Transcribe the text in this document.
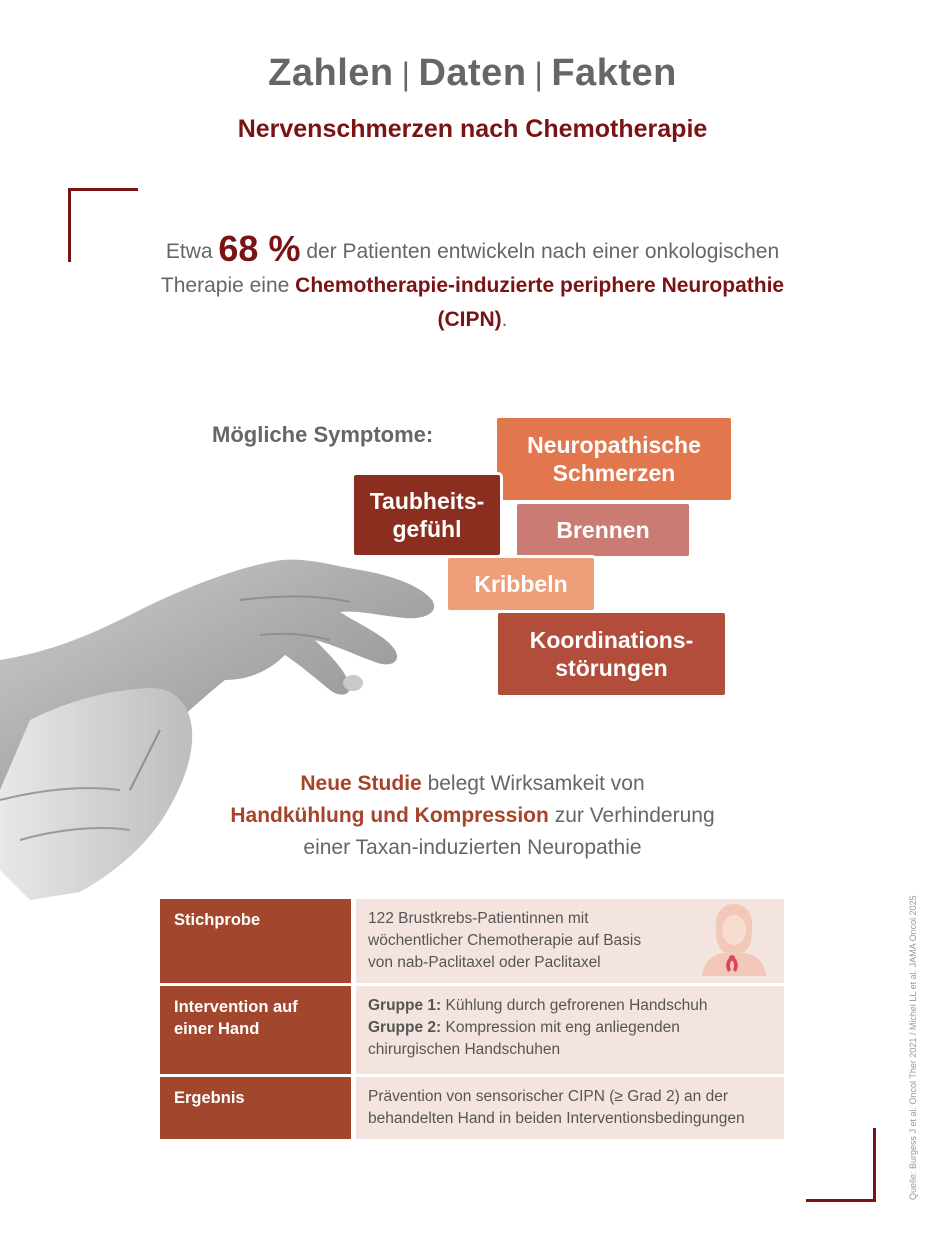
Zahlen | Daten | Fakten
Nervenschmerzen nach Chemotherapie
Etwa 68 % der Patienten entwickeln nach einer onkologischen Therapie eine Chemotherapie-induzierte periphere Neuropathie (CIPN).
Mögliche Symptome:	Neuropathische
Schmerzen
Taubheits-
gefühl	Brennen
Kribbeln
Koordinations-
störungen
Neue Studie belegt Wirksamkeit von
Handkühlung und Kompression zur Verhinderung
einer Taxan-induzierten Neuropathie
Stichprobe	122 Brustkrebs-Patientinnen mit
wöchentlicher Chemotherapie auf Basis
von nab-Paclitaxel oder Paclitaxel

Intervention auf einer Hand	Gruppe 1: Kühlung durch gefrorenen Handschuh
Gruppe 2: Kompression mit eng anliegenden
chirurgischen Handschuhen

Ergebnis	Prävention von sensorischer CIPN (≥ Grad 2) an der
behandelten Hand in beiden Interventionsbedingungen	Quelle: Burgess J et al. Oncol Ther 2021 / Michel LL et al. JAMA Oncol 2025
